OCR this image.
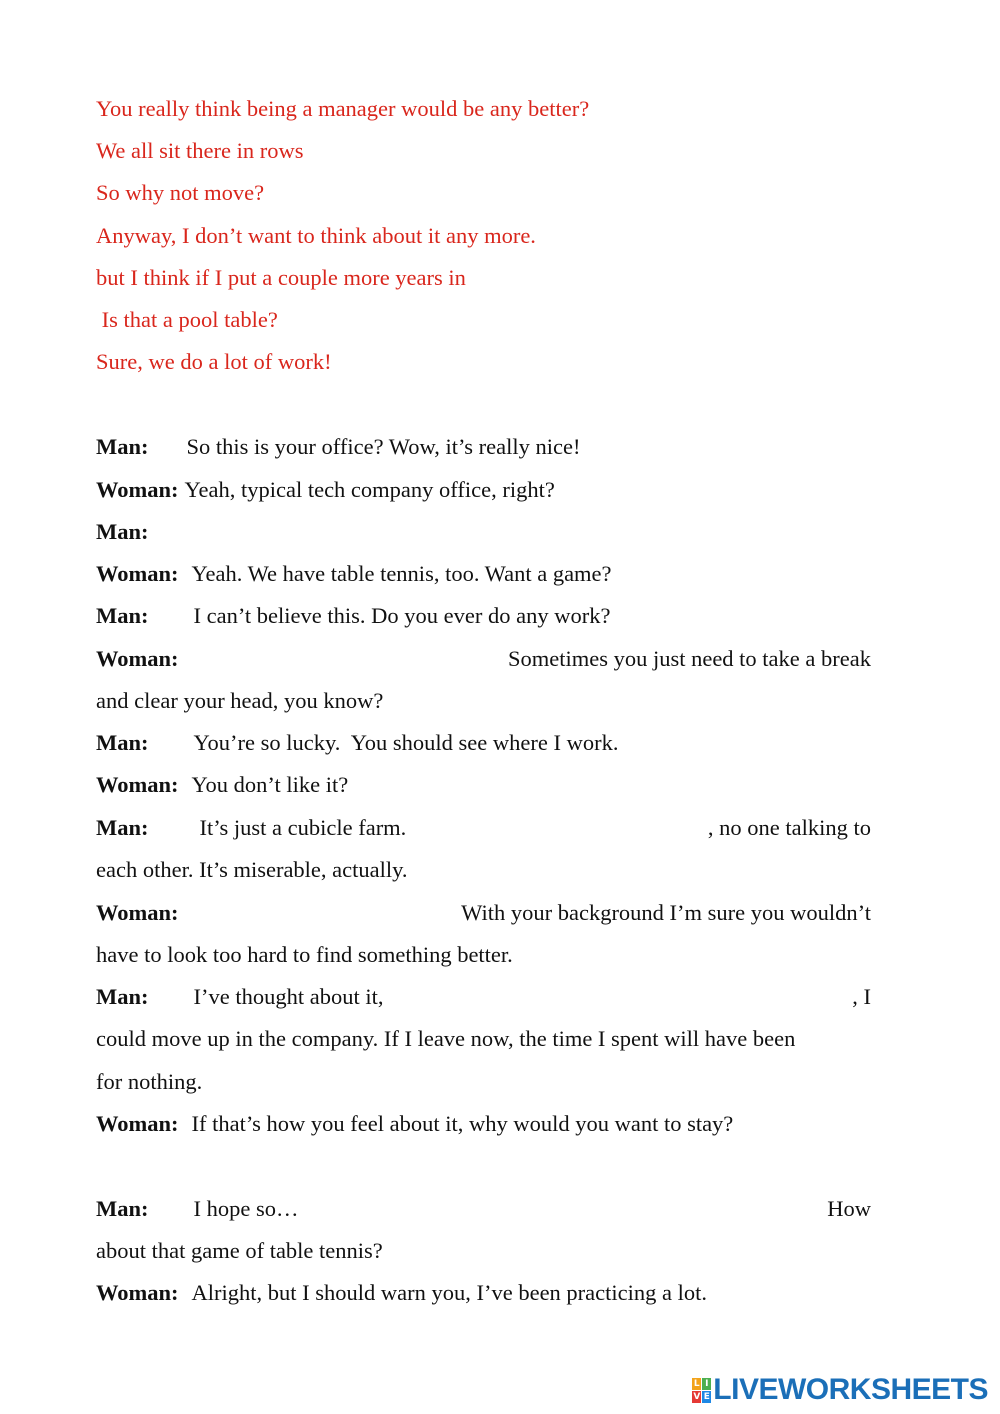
You really think being a manager would be any better?
We all sit there in rows
So why not move?
Anyway, I don’t want to think about it any more.
but I think if I put a couple more years in
Is that a pool table?
Sure, we do a lot of work!
Man: So this is your office? Wow, it’s really nice!
Woman: Yeah, typical tech company office, right?
Man:
Woman: Yeah. We have table tennis, too. Want a game?
Man: I can’t believe this. Do you ever do any work?
Woman:	Sometimes you just need to take a break
and clear your head, you know?
Man: You’re so lucky.  You should see where I work.
Woman: You don’t like it?
Man: It’s just a cubicle farm.	, no one talking to
each other. It’s miserable, actually.
Woman:	With your background I’m sure you wouldn’t
have to look too hard to find something better.
Man: I’ve thought about it,	, I
could move up in the company. If I leave now, the time I spent will have been
for nothing.
Woman: If that’s how you feel about it, why would you want to stay?
Man: I hope so…	How
about that game of table tennis?
Woman: Alright, but I should warn you, I’ve been practicing a lot.
L I
V E LIVEWORKSHEETS
